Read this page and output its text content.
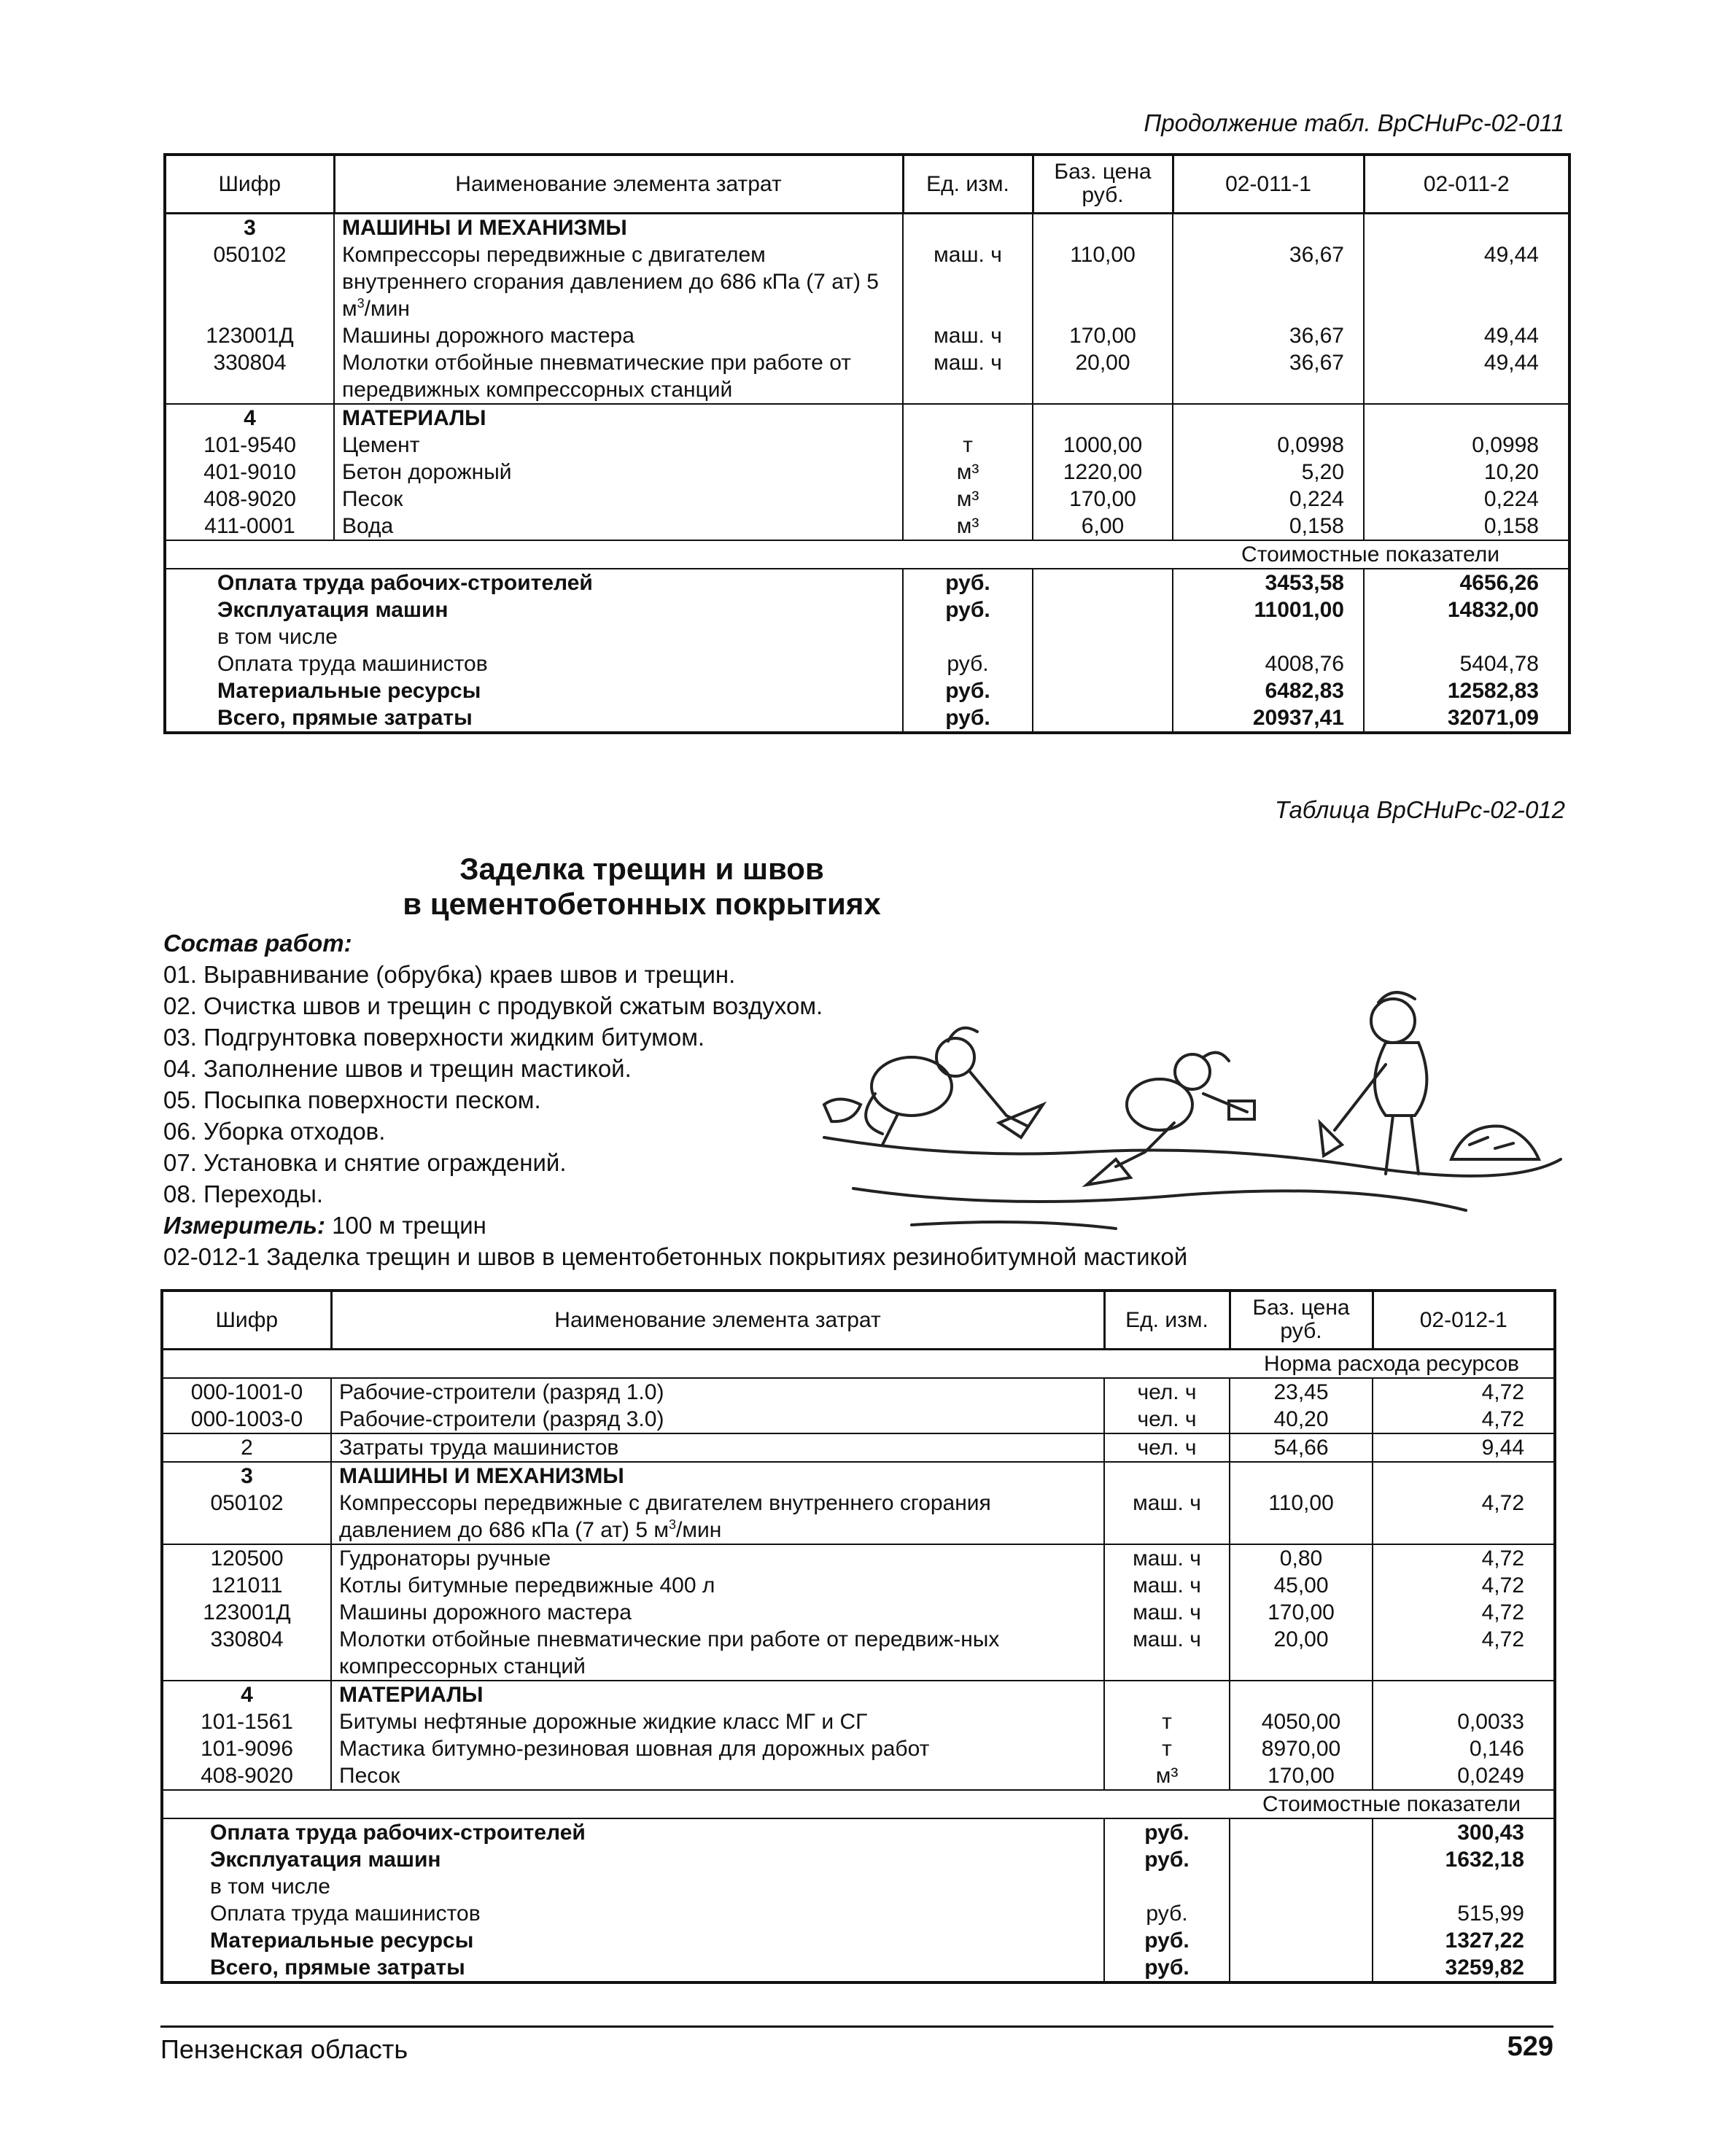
Продолжение табл. ВрСНиРс-02-011
Шифр	Наименование элемента затрат	Ед. изм.	Баз. цена руб.	02-011-1	02-011-2
3	МАШИНЫ И МЕХАНИЗМЫ				
050102	Компрессоры передвижные с двигателем внутреннего сгорания давлением до 686 кПа (7 ат) 5 $м^3$/мин	маш. ч	110,00	36,67	49,44
123001Д	Машины дорожного мастера	маш. ч	170,00	36,67	49,44
330804	Молотки отбойные пневматические при работе от передвижных компрессорных станций	маш. ч	20,00	36,67	49,44
4	МАТЕРИАЛЫ				
101-9540	Цемент	т	1000,00	0,0998	0,0998
401-9010	Бетон дорожный	м³	1220,00	5,20	10,20
408-9020	Песок	м³	170,00	0,224	0,224
411-0001	Вода	м³	6,00	0,158	0,158
				Стоимостные показатели	
Оплата труда рабочих-строителей		руб.		3453,58	4656,26
Эксплуатация машин		руб.		11001,00	14832,00
в том числе					
Оплата труда машинистов		руб.		4008,76	5404,78
Материальные ресурсы		руб.		6482,83	12582,83
Всего, прямые затраты		руб.		20937,41	32071,09
Таблица ВрСНиРс-02-012
Заделка трещин и швов
в цементобетонных покрытиях
Состав работ:
01. Выравнивание (обрубка) краев швов и трещин.
02. Очистка швов и трещин с продувкой сжатым воздухом.
03. Подгрунтовка поверхности жидким битумом.
04. Заполнение швов и трещин мастикой.
05. Посыпка поверхности песком.
06. Уборка отходов.
07. Установка и снятие ограждений.
08. Переходы.
Измеритель: 100 м трещин
02-012-1 Заделка трещин и швов в цементобетонных покрытиях резинобитумной мастикой
Шифр	Наименование элемента затрат	Ед. изм.	Баз. цена руб.	02-012-1
			Норма расхода ресурсов	
000-1001-0	Рабочие-строители (разряд 1.0)	чел. ч	23,45	4,72
000-1003-0	Рабочие-строители (разряд 3.0)	чел. ч	40,20	4,72
2	Затраты труда машинистов	чел. ч	54,66	9,44
3	МАШИНЫ И МЕХАНИЗМЫ			
050102	Компрессоры передвижные с двигателем внутреннего сгорания давлением до 686 кПа (7 ат) 5 $м^3$/мин	маш. ч	110,00	4,72
120500	Гудронаторы ручные	маш. ч	0,80	4,72
121011	Котлы битумные передвижные 400 л	маш. ч	45,00	4,72
123001Д	Машины дорожного мастера	маш. ч	170,00	4,72
330804	Молотки отбойные пневматические при работе от передвиж-ных компрессорных станций	маш. ч	20,00	4,72
4	МАТЕРИАЛЫ			
101-1561	Битумы нефтяные дорожные жидкие класс МГ и СГ	т	4050,00	0,0033
101-9096	Мастика битумно-резиновая шовная для дорожных работ	т	8970,00	0,146
408-9020	Песок	м³	170,00	0,0249
			Стоимостные показатели	
Оплата труда рабочих-строителей		руб.		300,43
Эксплуатация машин		руб.		1632,18
в том числе				
Оплата труда машинистов		руб.		515,99
Материальные ресурсы		руб.		1327,22
Всего, прямые затраты		руб.		3259,82
Пензенская область	529
